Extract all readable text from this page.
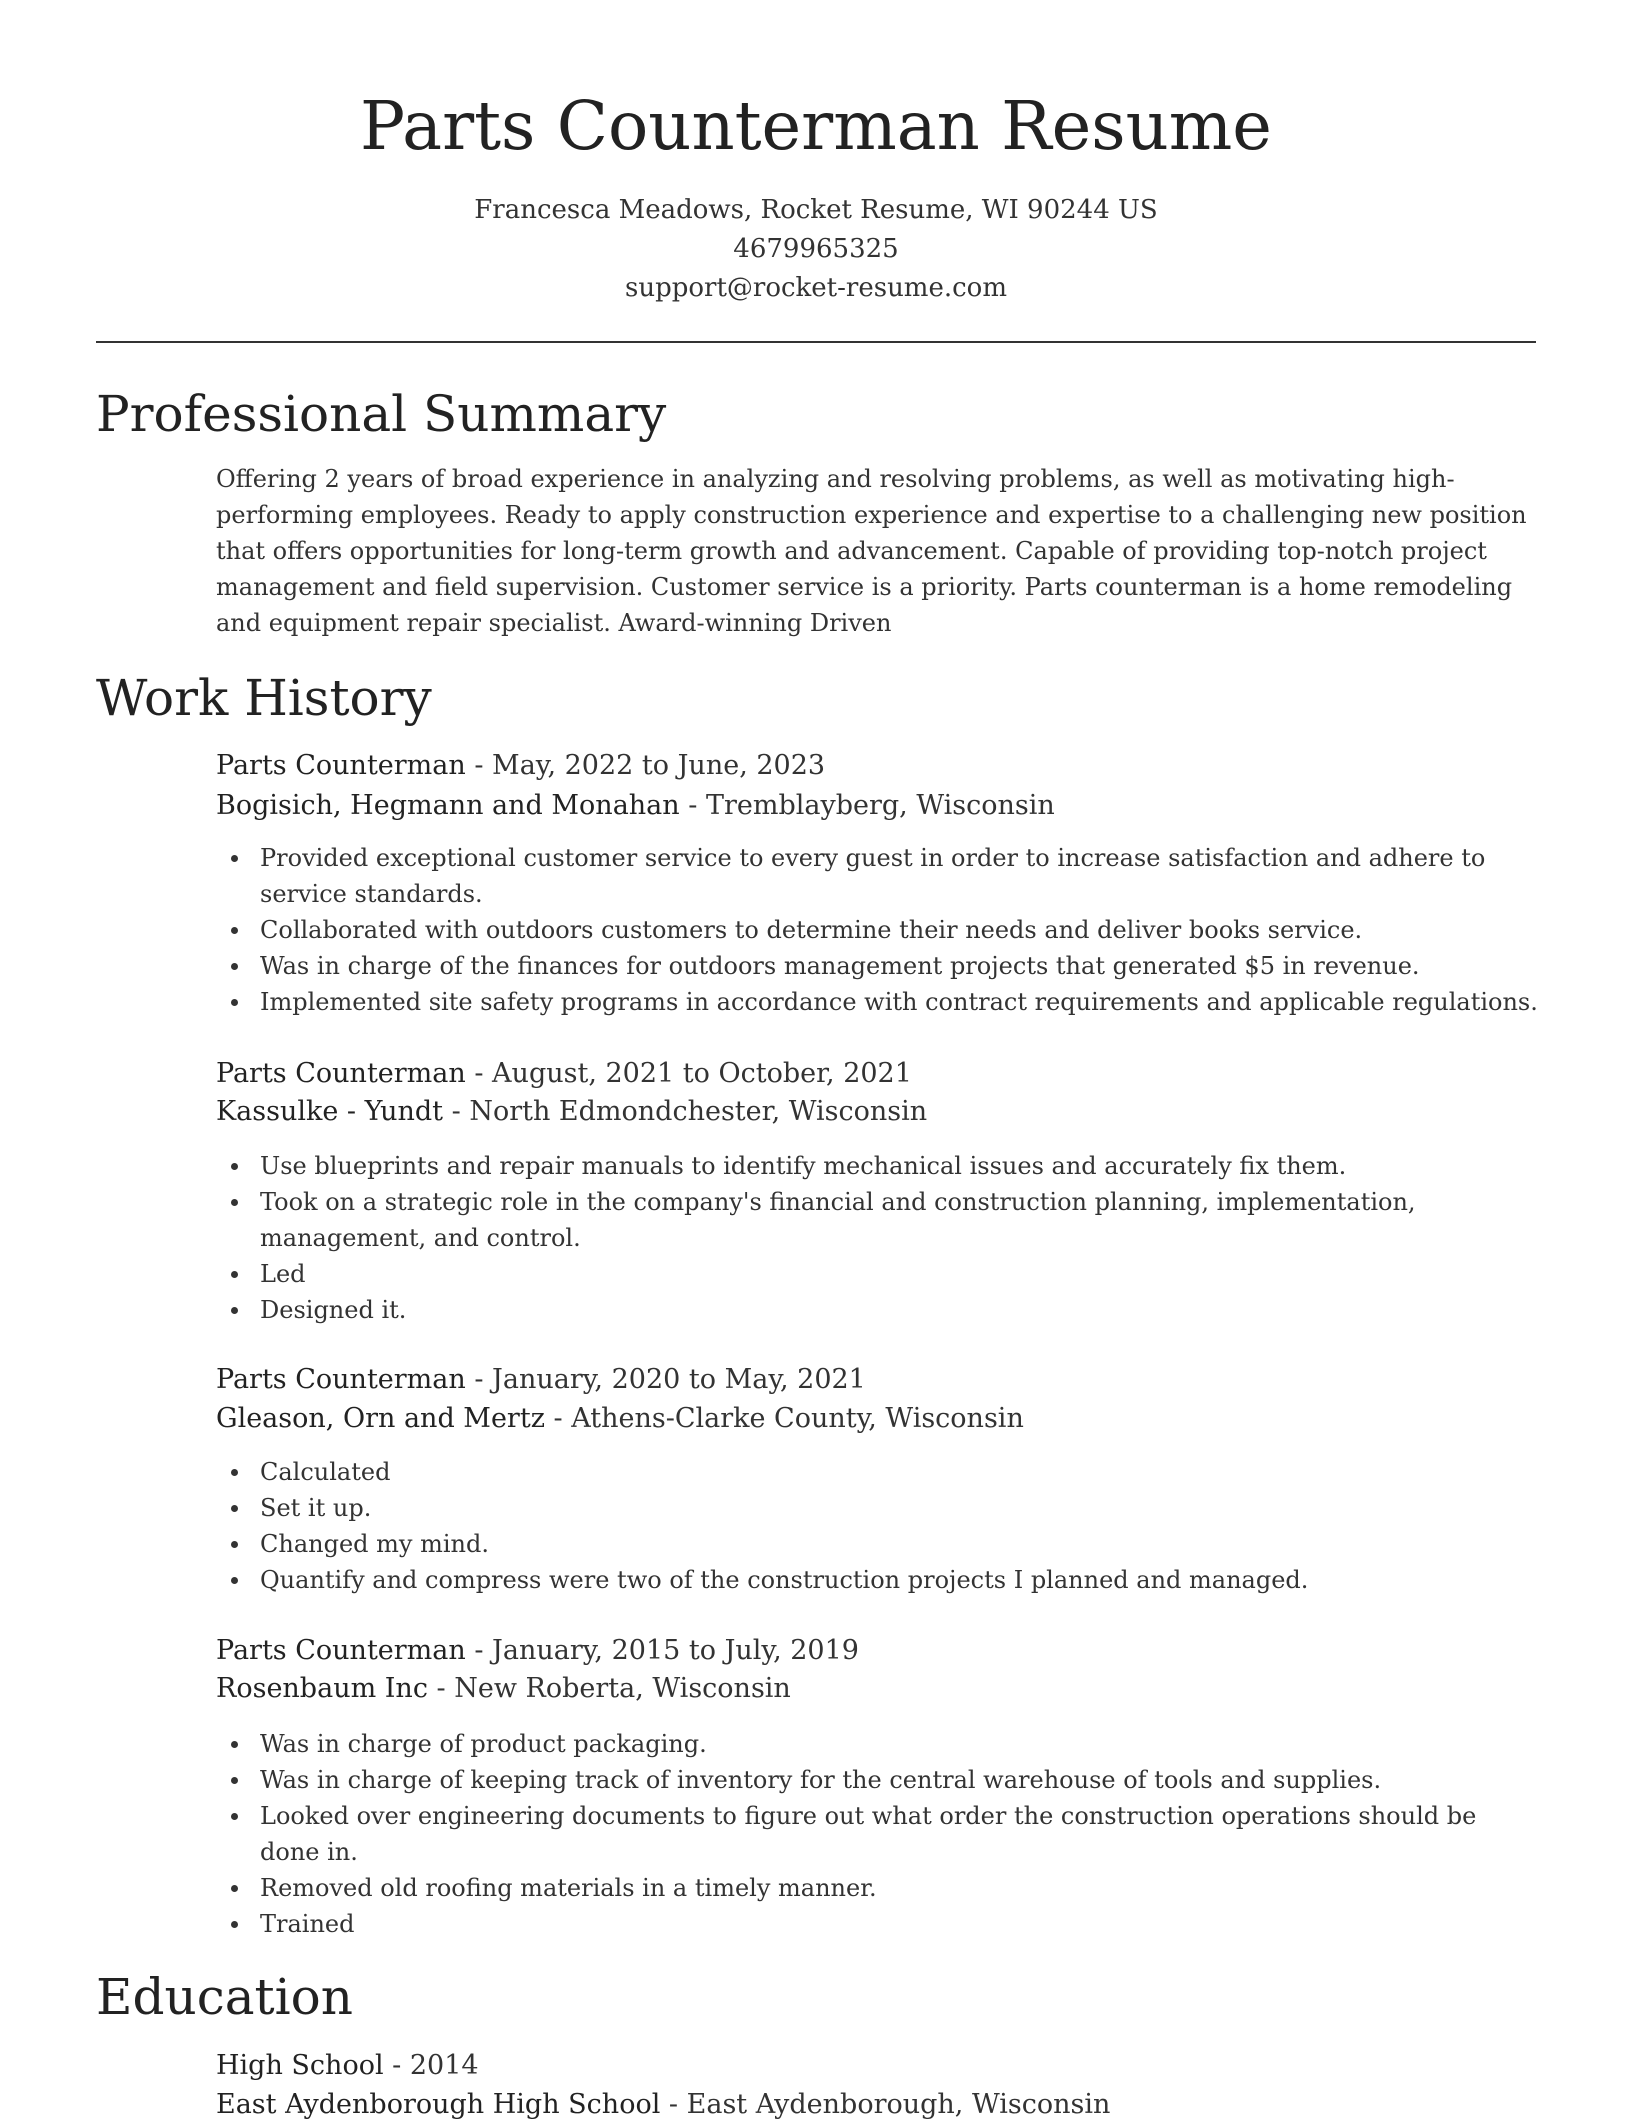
Parts Counterman Resume
Francesca Meadows, Rocket Resume, WI 90244 US
4679965325
support@rocket-resume.com
Professional Summary

Offering 2 years of broad experience in analyzing and resolving problems, as well as motivating high-performing employees. Ready to apply construction experience and expertise to a challenging new position that offers opportunities for long-term growth and advancement. Capable of providing top-notch project management and field supervision. Customer service is a priority. Parts counterman is a home remodeling and equipment repair specialist. Award-winning Driven

Work History
Parts Counterman - May, 2022 to June, 2023
Bogisich, Hegmann and Monahan - Tremblayberg, Wisconsin
Provided exceptional customer service to every guest in order to increase satisfaction and adhere to service standards.
Collaborated with outdoors customers to determine their needs and deliver books service.
Was in charge of the finances for outdoors management projects that generated $5 in revenue.
Implemented site safety programs in accordance with contract requirements and applicable regulations.
Parts Counterman - August, 2021 to October, 2021
Kassulke - Yundt - North Edmondchester, Wisconsin
Use blueprints and repair manuals to identify mechanical issues and accurately fix them.
Took on a strategic role in the company's financial and construction planning, implementation, management, and control.
Led
Designed it.
Parts Counterman - January, 2020 to May, 2021
Gleason, Orn and Mertz - Athens-Clarke County, Wisconsin
Calculated
Set it up.
Changed my mind.
Quantify and compress were two of the construction projects I planned and managed.
Parts Counterman - January, 2015 to July, 2019
Rosenbaum Inc - New Roberta, Wisconsin
Was in charge of product packaging.
Was in charge of keeping track of inventory for the central warehouse of tools and supplies.
Looked over engineering documents to figure out what order the construction operations should be done in.
Removed old roofing materials in a timely manner.
Trained
Education
High School - 2014
East Aydenborough High School - East Aydenborough, Wisconsin
